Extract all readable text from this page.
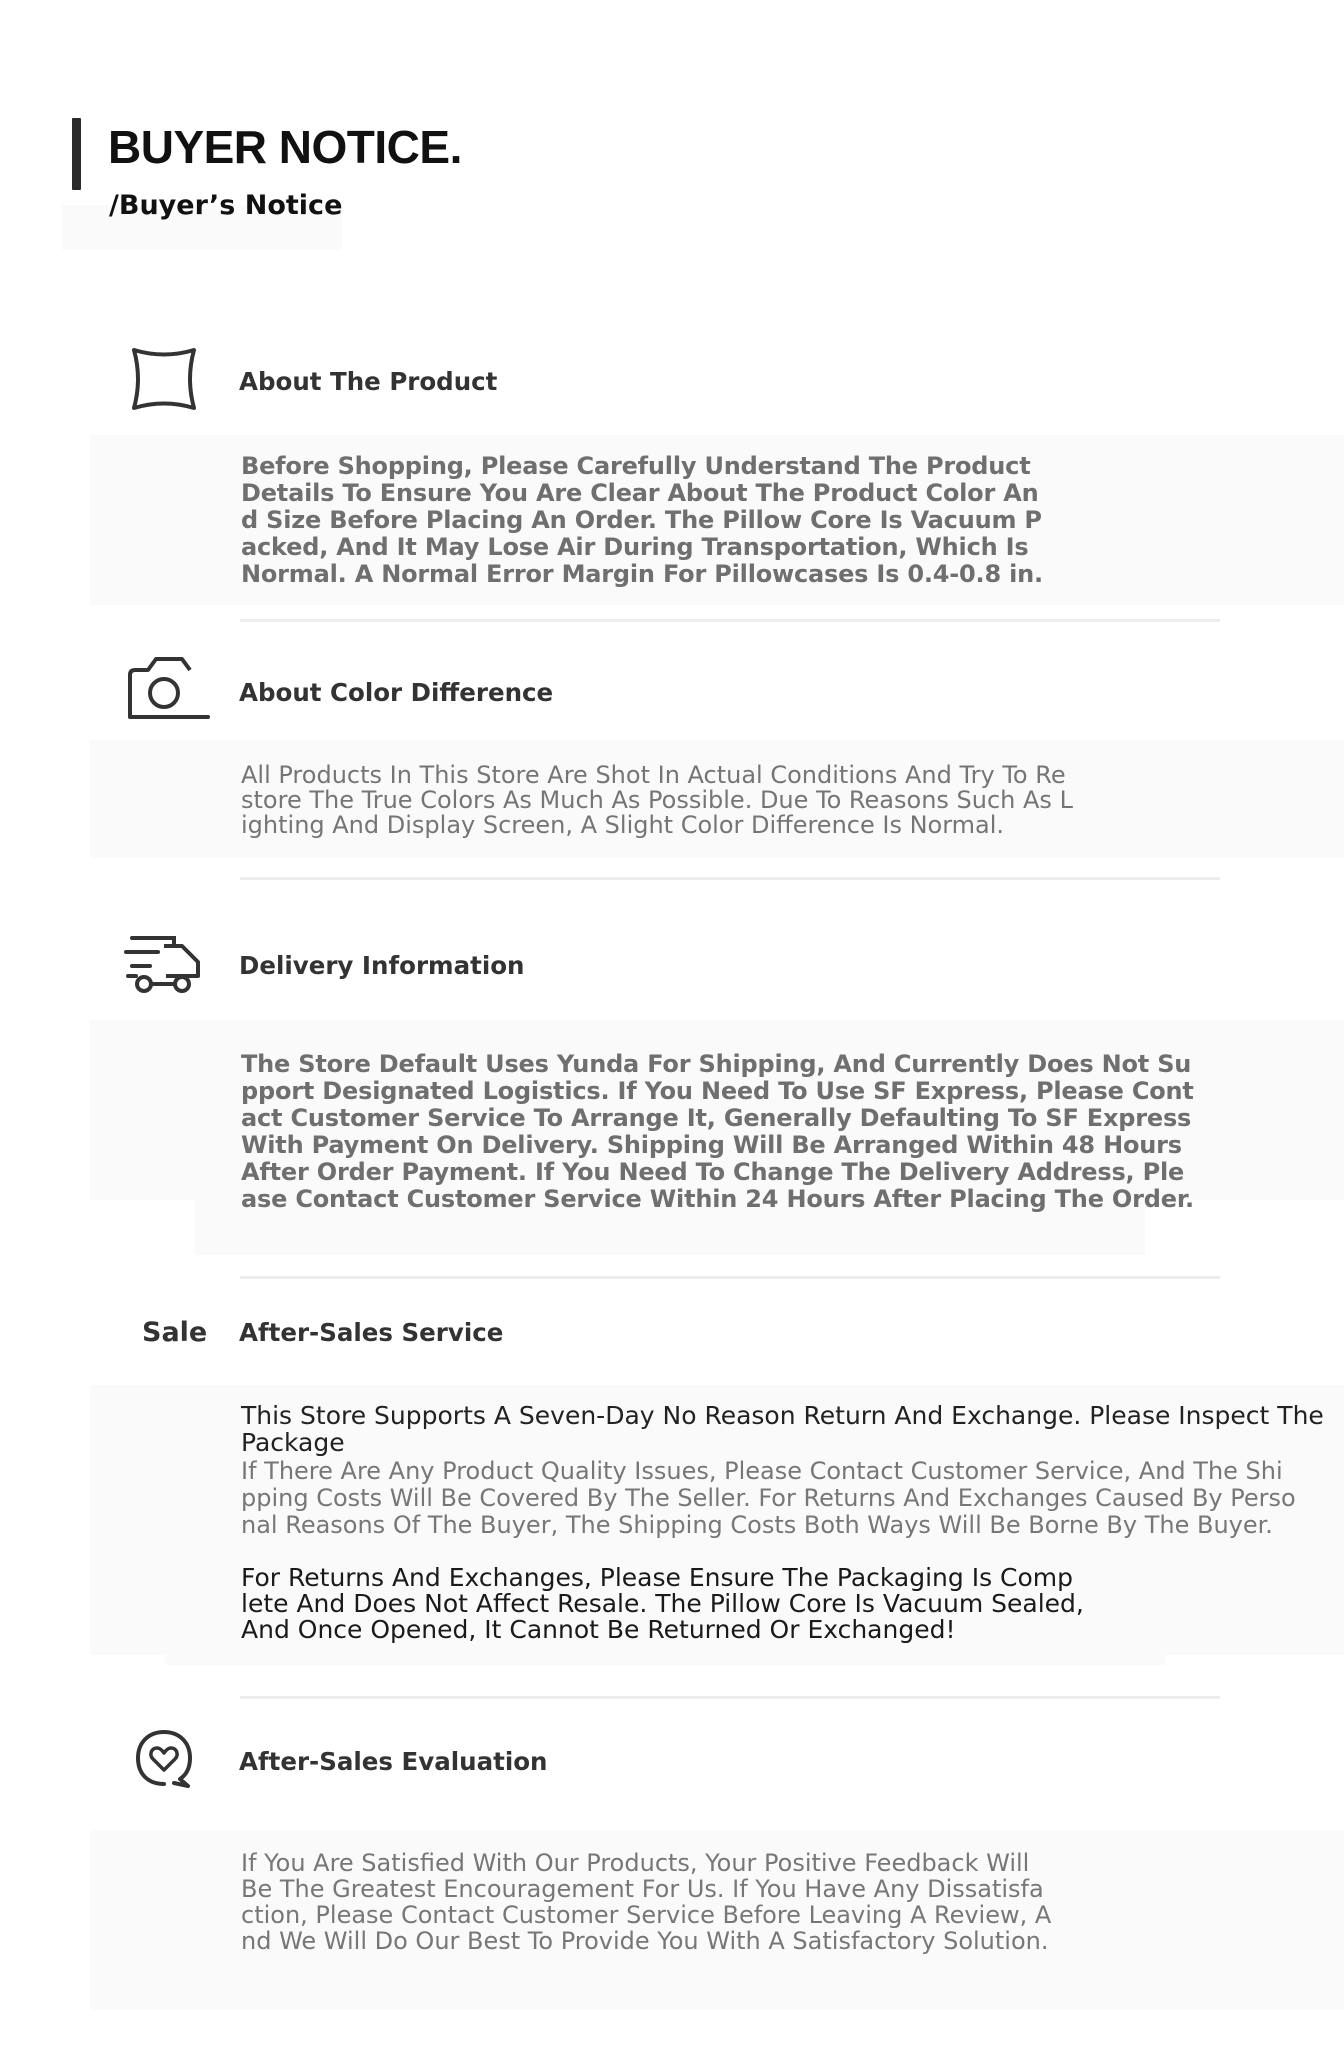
BUYER NOTICE.
/Buyer’s Notice
About The Product
Before Shopping, Please Carefully Understand The Product
Details To Ensure You Are Clear About The Product Color An
d Size Before Placing An Order. The Pillow Core Is Vacuum P
acked, And It May Lose Air During Transportation, Which Is
Normal. A Normal Error Margin For Pillowcases Is 0.4-0.8 in.
About Color Difference
All Products In This Store Are Shot In Actual Conditions And Try To Re
store The True Colors As Much As Possible. Due To Reasons Such As L
ighting And Display Screen, A Slight Color Difference Is Normal.
Delivery Information
The Store Default Uses Yunda For Shipping, And Currently Does Not Su
pport Designated Logistics. If You Need To Use SF Express, Please Cont
act Customer Service To Arrange It, Generally Defaulting To SF Express
With Payment On Delivery. Shipping Will Be Arranged Within 48 Hours
After Order Payment. If You Need To Change The Delivery Address, Ple
ase Contact Customer Service Within 24 Hours After Placing The Order.
Sale After-Sales Service
This Store Supports A Seven-Day No Reason Return And Exchange. Please Inspect The Package
If There Are Any Product Quality Issues, Please Contact Customer Service, And The Shi
pping Costs Will Be Covered By The Seller. For Returns And Exchanges Caused By Perso
nal Reasons Of The Buyer, The Shipping Costs Both Ways Will Be Borne By The Buyer.
For Returns And Exchanges, Please Ensure The Packaging Is Comp
lete And Does Not Affect Resale. The Pillow Core Is Vacuum Sealed,
And Once Opened, It Cannot Be Returned Or Exchanged!
After-Sales Evaluation
If You Are Satisfied With Our Products, Your Positive Feedback Will
Be The Greatest Encouragement For Us. If You Have Any Dissatisfa
ction, Please Contact Customer Service Before Leaving A Review, A
nd We Will Do Our Best To Provide You With A Satisfactory Solution.
